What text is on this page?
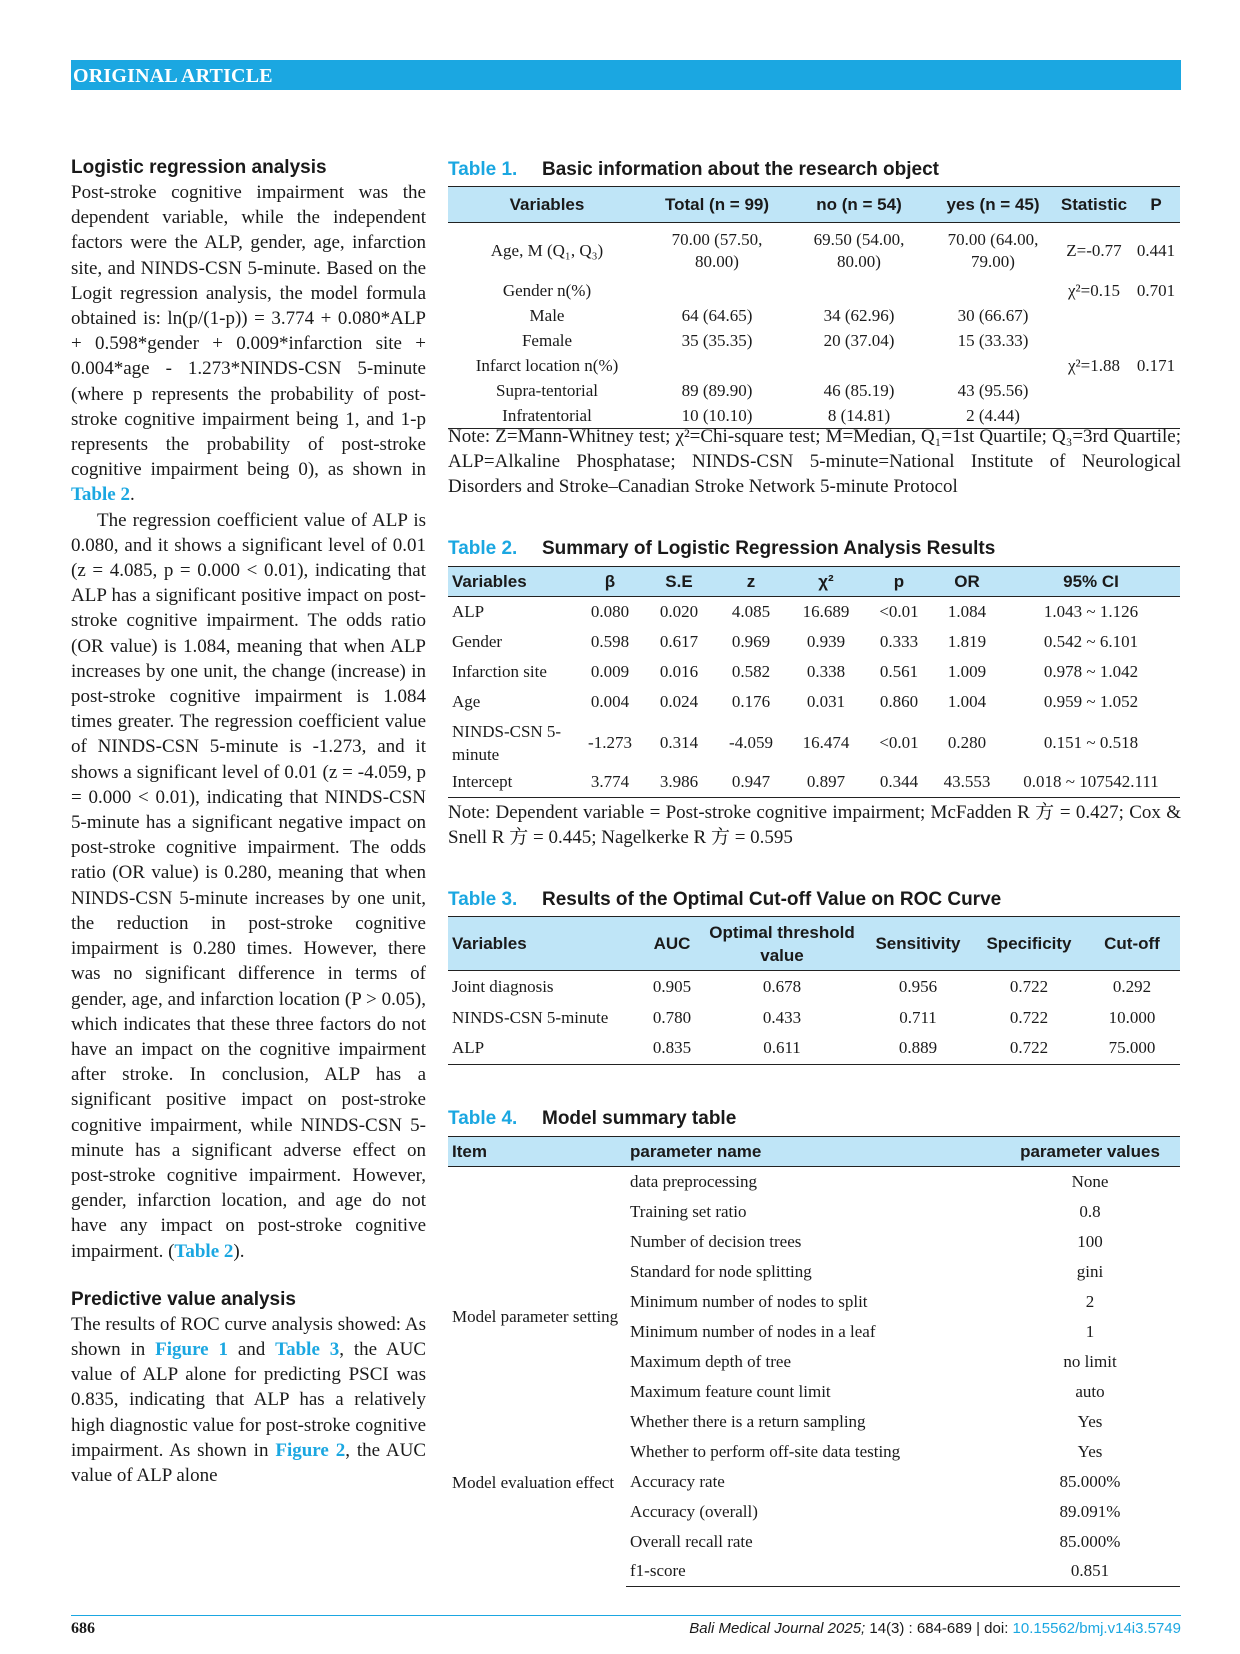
ORIGINAL ARTICLE
Logistic regression analysis

Post-stroke cognitive impairment was the dependent variable, while the independent factors were the ALP, gender, age, infarction site, and NINDS-CSN 5-minute. Based on the Logit regression analysis, the model formula obtained is: ln(p/(1-p)) = 3.774 + 0.080*ALP + 0.598*gender + 0.009*infarction site + 0.004*age - 1.273*NINDS-CSN 5-minute (where p represents the probability of post-stroke cognitive impairment being 1, and 1-p represents the probability of post-stroke cognitive impairment being 0), as shown in Table 2.

The regression coefficient value of ALP is 0.080, and it shows a significant level of 0.01 (z = 4.085, p = 0.000 < 0.01), indicating that ALP has a significant positive impact on post-stroke cognitive impairment. The odds ratio (OR value) is 1.084, meaning that when ALP increases by one unit, the change (increase) in post-stroke cognitive impairment is 1.084 times greater. The regression coefficient value of NINDS-CSN 5-minute is -1.273, and it shows a significant level of 0.01 (z = -4.059, p = 0.000 < 0.01), indicating that NINDS-CSN 5-minute has a significant negative impact on post-stroke cognitive impairment. The odds ratio (OR value) is 0.280, meaning that when NINDS-CSN 5-minute increases by one unit, the reduction in post-stroke cognitive impairment is 0.280 times. However, there was no significant difference in terms of gender, age, and infarction location (P > 0.05), which indicates that these three factors do not have an impact on the cognitive impairment after stroke. In conclusion, ALP has a significant positive impact on post-stroke cognitive impairment, while NINDS-CSN 5-minute has a significant adverse effect on post-stroke cognitive impairment. However, gender, infarction location, and age do not have any impact on post-stroke cognitive impairment. (Table 2).

Predictive value analysis

The results of ROC curve analysis showed: As shown in Figure 1 and Table 3, the AUC value of ALP alone for predicting PSCI was 0.835, indicating that ALP has a relatively high diagnostic value for post-stroke cognitive impairment. As shown in Figure 2, the AUC value of ALP alone

Table 1. Basic information about the research object
Variables	Total (n = 99)	no (n = 54)	yes (n = 45)	Statistic	P
Age, M (Q₁, Q₃)	70.00 (57.50, 80.00)	69.50 (54.00, 80.00)	70.00 (64.00, 79.00)	Z=-0.77	0.441
Gender n(%)				χ²=0.15	0.701
Male	64 (64.65)	34 (62.96)	30 (66.67)		
Female	35 (35.35)	20 (37.04)	15 (33.33)		
Infarct location n(%)				χ²=1.88	0.171
Supra-tentorial	89 (89.90)	46 (85.19)	43 (95.56)		
Infratentorial	10 (10.10)	8 (14.81)	2 (4.44)		
Note: Z=Mann-Whitney test; χ²=Chi-square test; M=Median, Q₁=1st Quartile; Q₃=3rd Quartile; ALP=Alkaline Phosphatase; NINDS-CSN 5-minute=National Institute of Neurological Disorders and Stroke–Canadian Stroke Network 5-minute Protocol
Table 2. Summary of Logistic Regression Analysis Results
Variables	β	S.E	z	χ²	p	OR	95% CI
ALP	0.080	0.020	4.085	16.689	<0.01	1.084	1.043 ~ 1.126
Gender	0.598	0.617	0.969	0.939	0.333	1.819	0.542 ~ 6.101
Infarction site	0.009	0.016	0.582	0.338	0.561	1.009	0.978 ~ 1.042
Age	0.004	0.024	0.176	0.031	0.860	1.004	0.959 ~ 1.052
NINDS-CSN 5-minute	-1.273	0.314	-4.059	16.474	<0.01	0.280	0.151 ~ 0.518
Intercept	3.774	3.986	0.947	0.897	0.344	43.553	0.018 ~ 107542.111
Note: Dependent variable = Post-stroke cognitive impairment; McFadden R 方 = 0.427; Cox & Snell R 方 = 0.445; Nagelkerke R 方 = 0.595
Table 3. Results of the Optimal Cut-off Value on ROC Curve
Variables	AUC	Optimal threshold value	Sensitivity	Specificity	Cut-off
Joint diagnosis	0.905	0.678	0.956	0.722	0.292
NINDS-CSN 5-minute	0.780	0.433	0.711	0.722	10.000
ALP	0.835	0.611	0.889	0.722	75.000
Table 4. Model summary table
Item	parameter name	parameter values
Model parameter setting	data preprocessing	None
	Training set ratio	0.8
	Number of decision trees	100
	Standard for node splitting	gini
	Minimum number of nodes to split	2
	Minimum number of nodes in a leaf	1
	Maximum depth of tree	no limit
	Maximum feature count limit	auto
	Whether there is a return sampling	Yes
	Whether to perform off-site data testing	Yes
Model evaluation effect	Accuracy rate	85.000%
	Accuracy (overall)	89.091%
	Overall recall rate	85.000%
	f1-score	0.851
686	Bali Medical Journal 2025; 14(3) : 684-689 | doi: 10.15562/bmj.v14i3.5749
